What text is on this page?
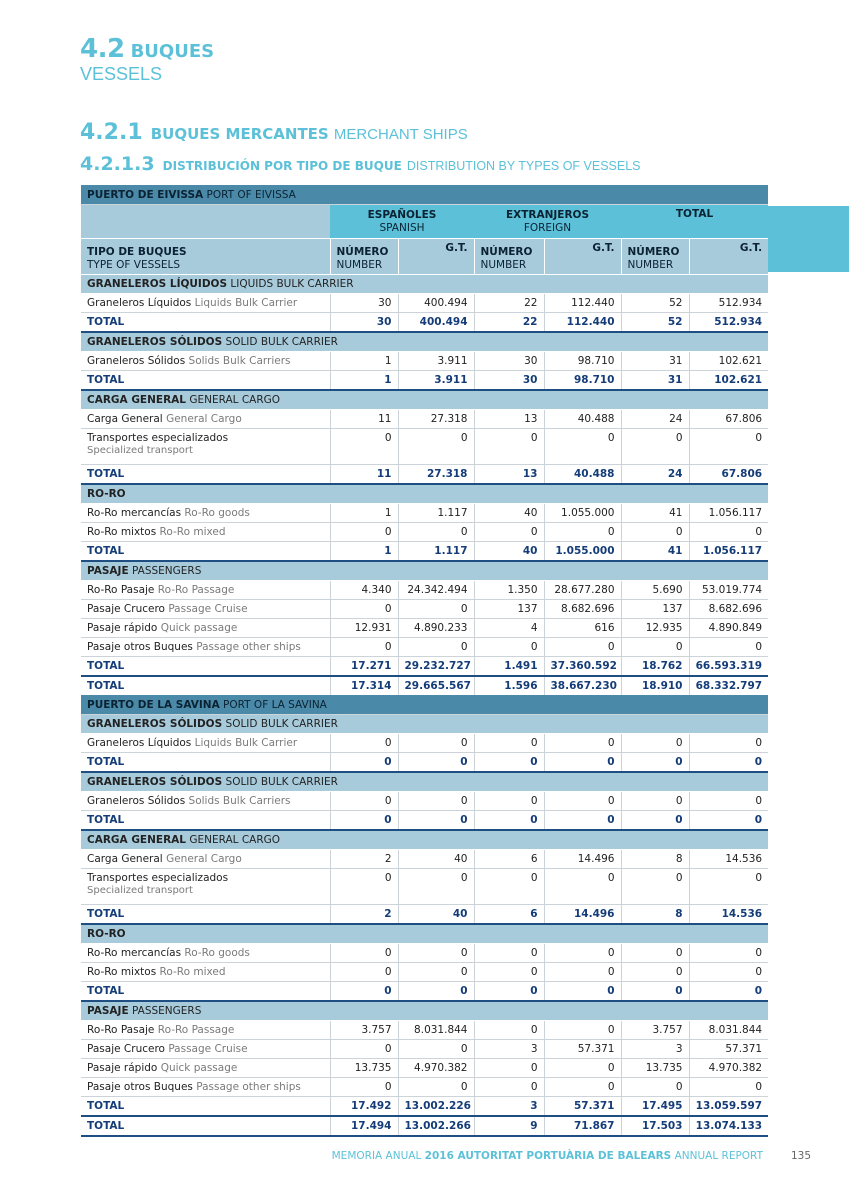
4.2 BUQUES
VESSELS
4.2.1 BUQUES MERCANTES MERCHANT SHIPS
4.2.1.3 DISTRIBUCIÓN POR TIPO DE BUQUE DISTRIBUTION BY TYPES OF VESSELS
PUERTO DE EIVISSA PORT OF EIVISSA						
	ESPAÑOLES
SPANISH		EXTRANJEROS
FOREIGN		TOTAL	
TIPO DE BUQUES
TYPE OF VESSELS	NÚMERO
NUMBER	G.T.	NÚMERO
NUMBER	G.T.	NÚMERO
NUMBER	G.T.
GRANELEROS LÍQUIDOS LIQUIDS BULK CARRIER						
Graneleros Líquidos Liquids Bulk Carrier	30	400.494	22	112.440	52	512.934
TOTAL	30	400.494	22	112.440	52	512.934
GRANELEROS SÓLIDOS SOLID BULK CARRIER						
Graneleros Sólidos Solids Bulk Carriers	1	3.911	30	98.710	31	102.621
TOTAL	1	3.911	30	98.710	31	102.621
CARGA GENERAL GENERAL CARGO						
Carga General General Cargo	11	27.318	13	40.488	24	67.806
Transportes especializados
Specialized transport	0	0	0	0	0	0
TOTAL	11	27.318	13	40.488	24	67.806
RO-RO						
Ro-Ro mercancías Ro-Ro goods	1	1.117	40	1.055.000	41	1.056.117
Ro-Ro mixtos Ro-Ro mixed	0	0	0	0	0	0
TOTAL	1	1.117	40	1.055.000	41	1.056.117
PASAJE PASSENGERS						
Ro-Ro Pasaje Ro-Ro Passage	4.340	24.342.494	1.350	28.677.280	5.690	53.019.774
Pasaje Crucero Passage Cruise	0	0	137	8.682.696	137	8.682.696
Pasaje rápido Quick passage	12.931	4.890.233	4	616	12.935	4.890.849
Pasaje otros Buques Passage other ships	0	0	0	0	0	0
TOTAL	17.271	29.232.727	1.491	37.360.592	18.762	66.593.319
TOTAL	17.314	29.665.567	1.596	38.667.230	18.910	68.332.797
PUERTO DE LA SAVINA PORT OF LA SAVINA						
GRANELEROS SÓLIDOS SOLID BULK CARRIER						
Graneleros Líquidos Liquids Bulk Carrier	0	0	0	0	0	0
TOTAL	0	0	0	0	0	0
GRANELEROS SÓLIDOS SOLID BULK CARRIER						
Graneleros Sólidos Solids Bulk Carriers	0	0	0	0	0	0
TOTAL	0	0	0	0	0	0
CARGA GENERAL GENERAL CARGO						
Carga General General Cargo	2	40	6	14.496	8	14.536
Transportes especializados
Specialized transport	0	0	0	0	0	0
TOTAL	2	40	6	14.496	8	14.536
RO-RO						
Ro-Ro mercancías Ro-Ro goods	0	0	0	0	0	0
Ro-Ro mixtos Ro-Ro mixed	0	0	0	0	0	0
TOTAL	0	0	0	0	0	0
PASAJE PASSENGERS						
Ro-Ro Pasaje Ro-Ro Passage	3.757	8.031.844	0	0	3.757	8.031.844
Pasaje Crucero Passage Cruise	0	0	3	57.371	3	57.371
Pasaje rápido Quick passage	13.735	4.970.382	0	0	13.735	4.970.382
Pasaje otros Buques Passage other ships	0	0	0	0	0	0
TOTAL	17.492	13.002.226	3	57.371	17.495	13.059.597
TOTAL	17.494	13.002.266	9	71.867	17.503	13.074.133
MEMORIA ANUAL 2016 AUTORITAT PORTUÀRIA DE BALEARS ANNUAL REPORT	135
